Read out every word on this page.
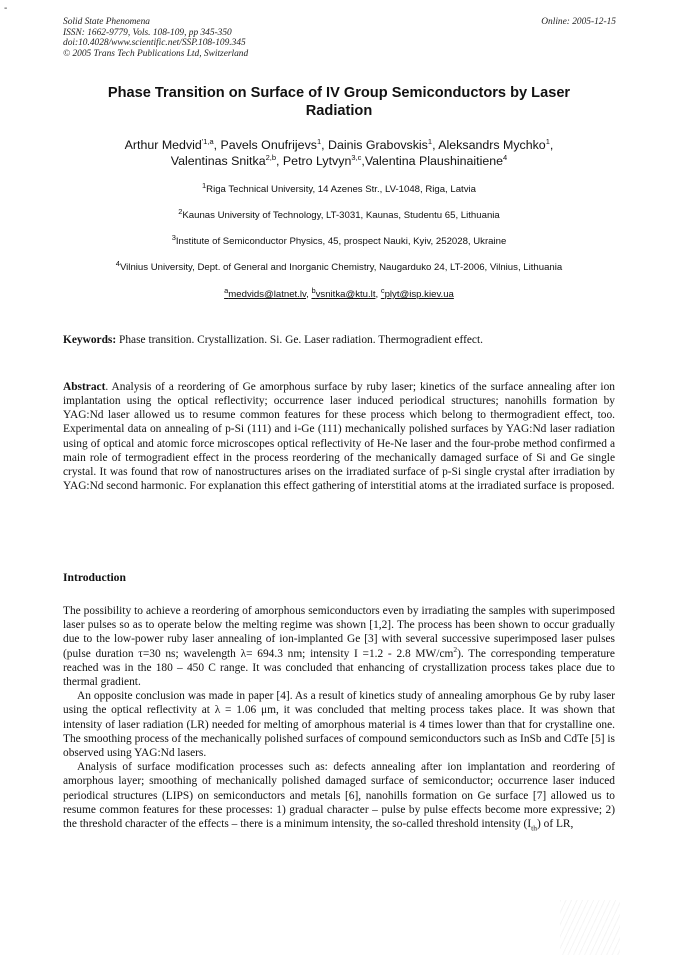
-
Solid State Phenomena
ISSN: 1662-9779, Vols. 108-109, pp 345-350
doi:10.4028/www.scientific.net/SSP.108-109.345
© 2005 Trans Tech Publications Ltd, Switzerland
Online: 2005-12-15
Phase Transition on Surface of IV Group Semiconductors by Laser Radiation
Arthur Medvid$^{'1,a}$, Pavels Onufrijevs$^1$, Dainis Grabovskis$^1$, Aleksandrs Mychko$^1$,
Valentinas Snitka$^{2,b}$, Petro Lytvyn$^{3,c}$,Valentina Plaushinaitiene$^4$
$^1$Riga Technical University, 14 Azenes Str., LV-1048, Riga, Latvia
$^2$Kaunas University of Technology, LT-3031, Kaunas, Studentu 65, Lithuania
$^3$Institute of Semiconductor Physics, 45, prospect Nauki, Kyiv, 252028, Ukraine
$^4$Vilnius University, Dept. of General and Inorganic Chemistry, Naugarduko 24, LT-2006, Vilnius, Lithuania
$^a$medvids@latnet.lv, $^b$vsnitka@ktu.lt, $^c$plyt@isp.kiev.ua
Keywords: Phase transition. Crystallization. Si. Ge. Laser radiation. Thermogradient effect.
Abstract. Analysis of a reordering of Ge amorphous surface by ruby laser; kinetics of the surface annealing after ion implantation using the optical reflectivity; occurrence laser induced periodical structures; nanohills formation by YAG:Nd laser allowed us to resume common features for these process which belong to thermogradient effect, too. Experimental data on annealing of p-Si (111) and i-Ge (111) mechanically polished surfaces by YAG:Nd laser radiation using of optical and atomic force microscopes optical reflectivity of He-Ne laser and the four-probe method confirmed a main role of termogradient effect in the process reordering of the mechanically damaged surface of Si and Ge single crystal. It was found that row of nanostructures arises on the irradiated surface of p-Si single crystal after irradiation by YAG:Nd second harmonic. For explanation this effect gathering of interstitial atoms at the irradiated surface is proposed.
Introduction

The possibility to achieve a reordering of amorphous semiconductors even by irradiating the samples with superimposed laser pulses so as to operate below the melting regime was shown [1,2]. The process has been shown to occur gradually due to the low-power ruby laser annealing of ion-implanted Ge [3] with several successive superimposed laser pulses (pulse duration τ=30 ns; wavelength λ= 694.3 nm; intensity I =1.2 - 2.8 $MW/cm^2$). The corresponding temperature reached was in the 180 – 450 C range. It was concluded that enhancing of crystallization process takes place due to thermal gradient.

An opposite conclusion was made in paper [4]. As a result of kinetics study of annealing amorphous Ge by ruby laser using the optical reflectivity at λ = 1.06 μm, it was concluded that melting process takes place. It was shown that intensity of laser radiation (LR) needed for melting of amorphous material is 4 times lower than that for crystalline one. The smoothing process of the mechanically polished surfaces of compound semiconductors such as InSb and CdTe [5] is observed using YAG:Nd lasers.

Analysis of surface modification processes such as: defects annealing after ion implantation and reordering of amorphous layer; smoothing of mechanically polished damaged surface of semiconductor; occurrence laser induced periodical structures (LIPS) on semiconductors and metals [6], nanohills formation on Ge surface [7] allowed us to resume common features for these processes: 1) gradual character – pulse by pulse effects become more expressive; 2) the threshold character of the effects – there is a minimum intensity, the so-called threshold intensity $(I_{th})$ of LR,
